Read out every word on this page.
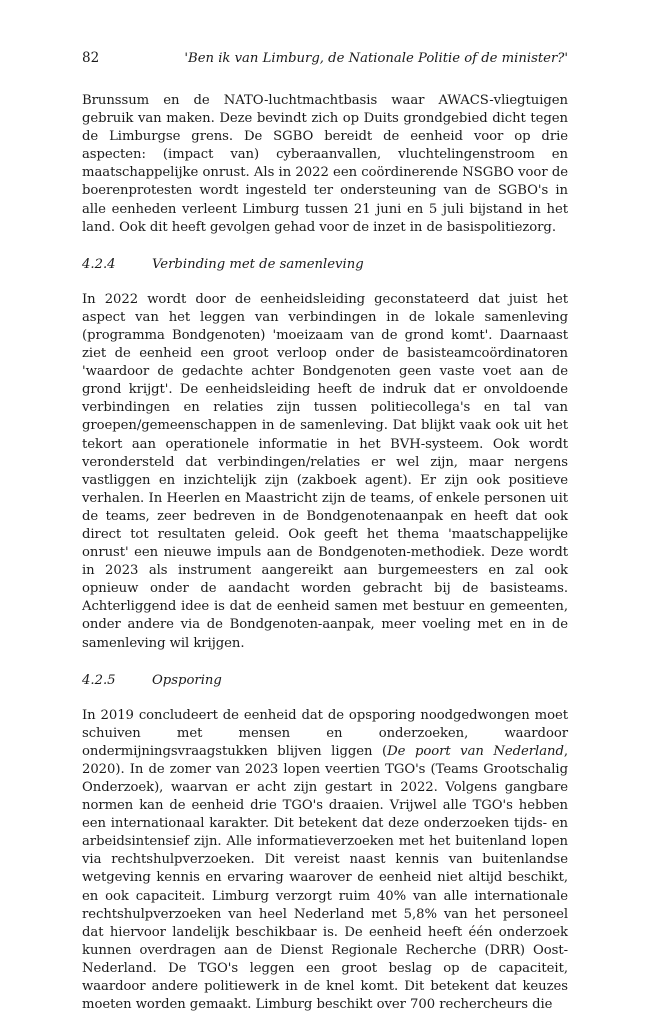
82	'Ben ik van Limburg, de Nationale Politie of de minister?'

Brunssum en de NATO-luchtmachtbasis waar AWACS-vliegtuigen gebruik van maken. Deze bevindt zich op Duits grondgebied dicht tegen de Limburgse grens. De SGBO bereidt de eenheid voor op drie aspecten: (impact van) cyberaanvallen, vluchtelingenstroom en maatschappelijke onrust. Als in 2022 een coördinerende NSGBO voor de boerenprotesten wordt ingesteld ter ondersteuning van de SGBO's in alle eenheden verleent Limburg tussen 21 juni en 5 juli bijstand in het land. Ook dit heeft gevolgen gehad voor de inzet in de basispolitiezorg.

4.2.4	Verbinding met de samenleving

In 2022 wordt door de eenheidsleiding geconstateerd dat juist het aspect van het leggen van verbindingen in de lokale samenleving (programma Bondgenoten) 'moeizaam van de grond komt'. Daarnaast ziet de eenheid een groot verloop onder de basisteamcoördinatoren 'waardoor de gedachte achter Bondgenoten geen vaste voet aan de grond krijgt'. De eenheidsleiding heeft de indruk dat er onvoldoende verbindingen en relaties zijn tussen politiecollega's en tal van groepen/gemeenschappen in de samenleving. Dat blijkt vaak ook uit het tekort aan operationele informatie in het BVH-systeem. Ook wordt verondersteld dat verbindingen/relaties er wel zijn, maar nergens vastliggen en inzichtelijk zijn (zakboek agent). Er zijn ook positieve verhalen. In Heerlen en Maastricht zijn de teams, of enkele personen uit de teams, zeer bedreven in de Bondgenotenaanpak en heeft dat ook direct tot resultaten geleid. Ook geeft het thema 'maatschappelijke onrust' een nieuwe impuls aan de Bondgenoten-methodiek. Deze wordt in 2023 als instrument aangereikt aan burgemeesters en zal ook opnieuw onder de aandacht worden gebracht bij de basisteams. Achterliggend idee is dat de eenheid samen met bestuur en gemeenten, onder andere via de Bondgenoten-aanpak, meer voeling met en in de samenleving wil krijgen.

4.2.5	Opsporing

In 2019 concludeert de eenheid dat de opsporing noodgedwongen moet schuiven met mensen en onderzoeken, waardoor ondermijningsvraagstukken blijven liggen (De poort van Nederland, 2020). In de zomer van 2023 lopen veertien TGO's (Teams Grootschalig Onderzoek), waarvan er acht zijn gestart in 2022. Volgens gangbare normen kan de eenheid drie TGO's draaien. Vrijwel alle TGO's hebben een internationaal karakter. Dit betekent dat deze onderzoeken tijds- en arbeidsintensief zijn. Alle informatieverzoeken met het buitenland lopen via rechtshulpverzoeken. Dit vereist naast kennis van buitenlandse wetgeving kennis en ervaring waarover de eenheid niet altijd beschikt, en ook capaciteit. Limburg verzorgt ruim 40% van alle internationale rechtshulpverzoeken van heel Nederland met 5,8% van het personeel dat hiervoor landelijk beschikbaar is. De eenheid heeft één onderzoek kunnen overdragen aan de Dienst Regionale Recherche (DRR) Oost-Nederland. De TGO's leggen een groot beslag op de capaciteit, waardoor andere politiewerk in de knel komt. Dit betekent dat keuzes moeten worden gemaakt. Limburg beschikt over 700 rechercheurs die
